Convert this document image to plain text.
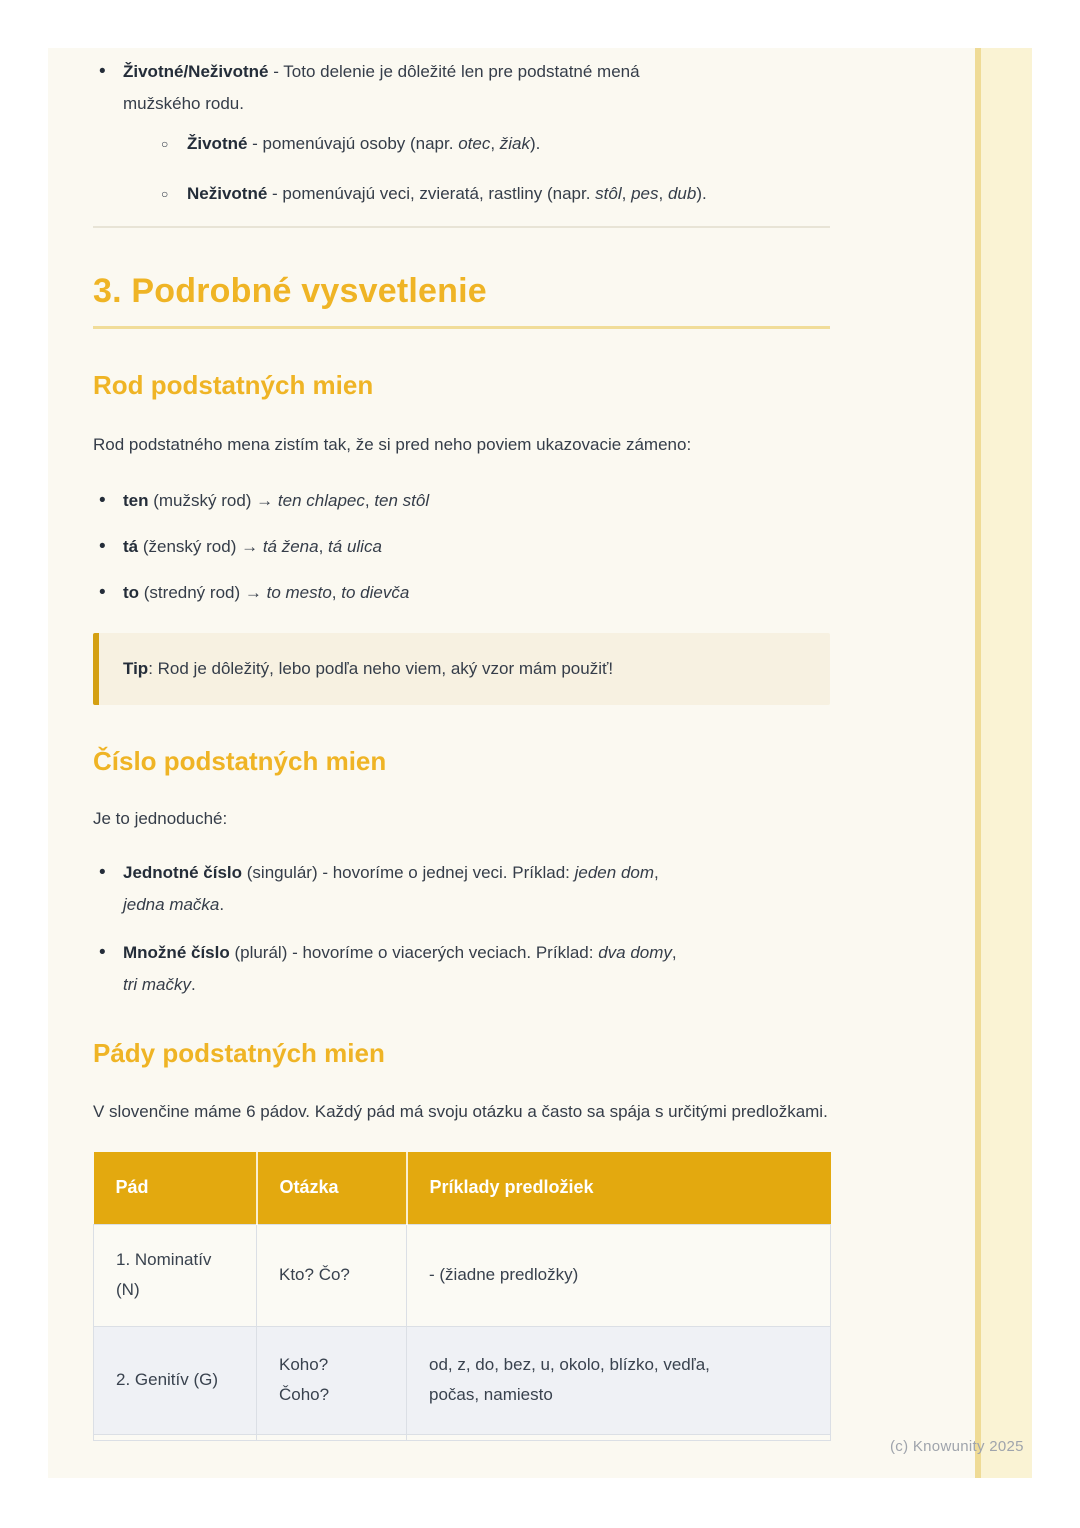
• Životné/Neživotné - Toto delenie je dôležité len pre podstatné mená
mužského rodu.
○ Životné - pomenúvajú osoby (napr. otec, žiak).
○ Neživotné - pomenúvajú veci, zvieratá, rastliny (napr. stôl, pes, dub).
3. Podrobné vysvetlenie
Rod podstatných mien

Rod podstatného mena zistím tak, že si pred neho poviem ukazovacie zámeno:

• ten (mužský rod) → ten chlapec, ten stôl
• tá (ženský rod) → tá žena, tá ulica
• to (stredný rod) → to mesto, to dievča

Tip: Rod je dôležitý, lebo podľa neho viem, aký vzor mám použiť!

Číslo podstatných mien

Je to jednoduché:

• Jednotné číslo (singulár) - hovoríme o jednej veci. Príklad: jeden dom,
jedna mačka.
• Množné číslo (plurál) - hovoríme o viacerých veciach. Príklad: dva domy,
tri mačky.
Pády podstatných mien

V slovenčine máme 6 pádov. Každý pád má svoju otázku a často sa spája s určitými predložkami.

Pád	Otázka	Príklady predložiek
1. Nominatív
(N)	Kto? Čo?	- (žiadne predložky)
2. Genitív (G)	Koho?
Čoho?	od, z, do, bez, u, okolo, blízko, vedľa,
počas, namiesto

(c) Knowunity 2025
